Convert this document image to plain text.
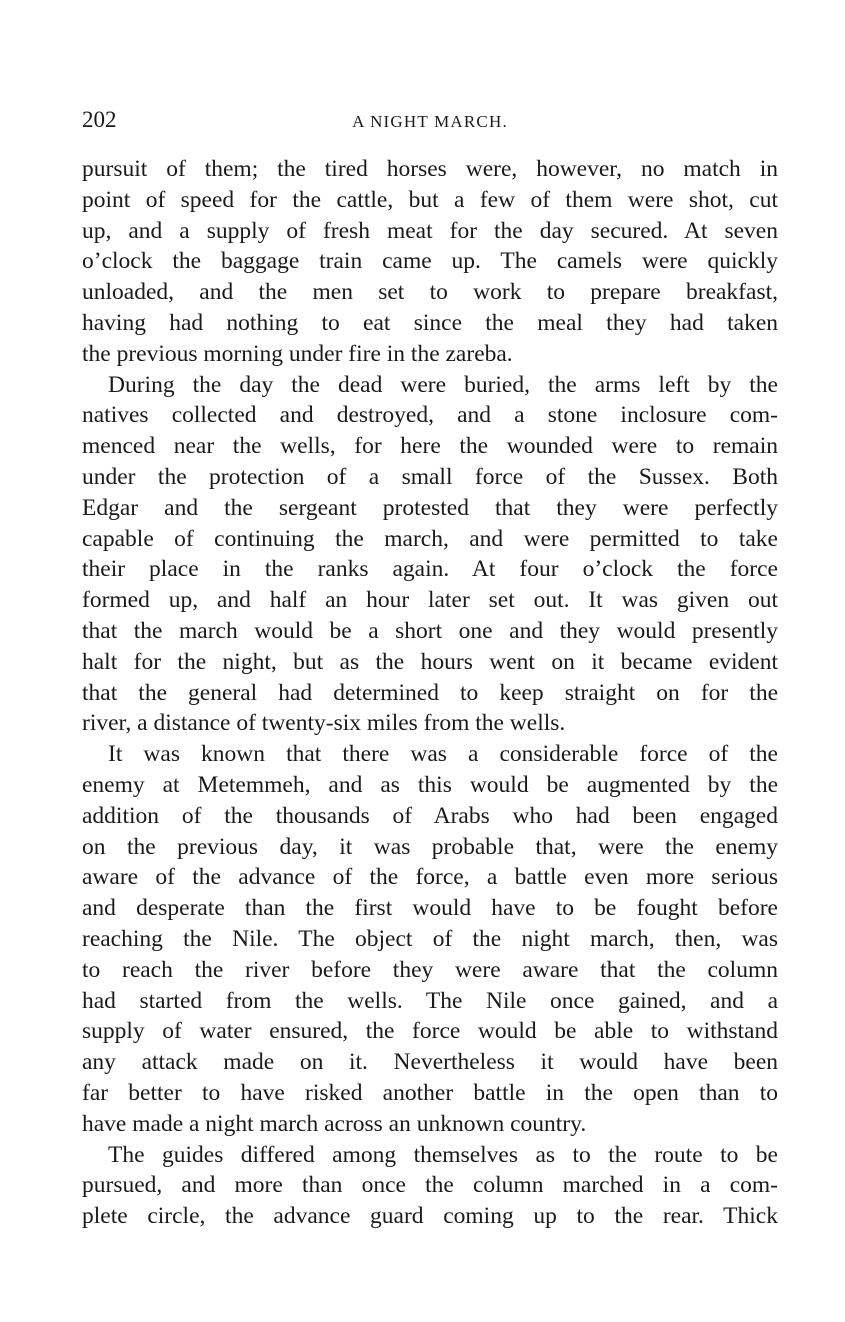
202	A NIGHT MARCH.
pursuit of them; the tired horses were, however, no match in
point of speed for the cattle, but a few of them were shot, cut
up, and a supply of fresh meat for the day secured. At seven
o’clock the baggage train came up. The camels were quickly
unloaded, and the men set to work to prepare breakfast,
having had nothing to eat since the meal they had taken
the previous morning under fire in the zareba.
During the day the dead were buried, the arms left by the
natives collected and destroyed, and a stone inclosure com-
menced near the wells, for here the wounded were to remain
under the protection of a small force of the Sussex. Both
Edgar and the sergeant protested that they were perfectly
capable of continuing the march, and were permitted to take
their place in the ranks again. At four o’clock the force
formed up, and half an hour later set out. It was given out
that the march would be a short one and they would presently
halt for the night, but as the hours went on it became evident
that the general had determined to keep straight on for the
river, a distance of twenty-six miles from the wells.
It was known that there was a considerable force of the
enemy at Metemmeh, and as this would be augmented by the
addition of the thousands of Arabs who had been engaged
on the previous day, it was probable that, were the enemy
aware of the advance of the force, a battle even more serious
and desperate than the first would have to be fought before
reaching the Nile. The object of the night march, then, was
to reach the river before they were aware that the column
had started from the wells. The Nile once gained, and a
supply of water ensured, the force would be able to withstand
any attack made on it. Nevertheless it would have been
far better to have risked another battle in the open than to
have made a night march across an unknown country.
The guides differed among themselves as to the route to be
pursued, and more than once the column marched in a com-
plete circle, the advance guard coming up to the rear. Thick
